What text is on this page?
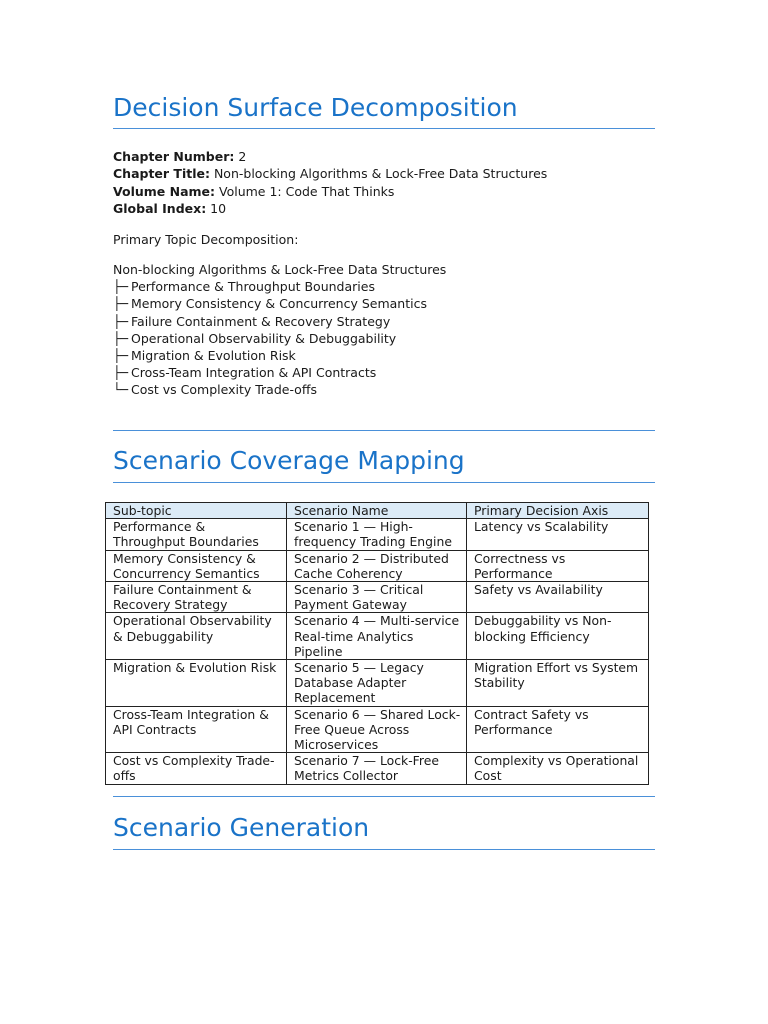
Decision Surface Decomposition
Chapter Number: 2
Chapter Title: Non-blocking Algorithms & Lock-Free Data Structures
Volume Name: Volume 1: Code That Thinks
Global Index: 10
Primary Topic Decomposition:
Non-blocking Algorithms & Lock-Free Data Structures
├─ Performance & Throughput Boundaries
├─ Memory Consistency & Concurrency Semantics
├─ Failure Containment & Recovery Strategy
├─ Operational Observability & Debuggability
├─ Migration & Evolution Risk
├─ Cross-Team Integration & API Contracts
└─ Cost vs Complexity Trade-offs
Scenario Coverage Mapping
Scenario Generation
Sub-topic	Scenario Name	Primary Decision Axis
Performance & Throughput Boundaries	Scenario 1 — High-frequency Trading Engine	Latency vs Scalability
Memory Consistency & Concurrency Semantics	Scenario 2 — Distributed Cache Coherency	Correctness vs Performance
Failure Containment & Recovery Strategy	Scenario 3 — Critical Payment Gateway	Safety vs Availability
Operational Observability & Debuggability	Scenario 4 — Multi-service Real-time Analytics Pipeline	Debuggability vs Non-blocking Efficiency
Migration & Evolution Risk	Scenario 5 — Legacy Database Adapter Replacement	Migration Effort vs System Stability
Cross-Team Integration & API Contracts	Scenario 6 — Shared Lock-Free Queue Across Microservices	Contract Safety vs Performance
Cost vs Complexity Trade-offs	Scenario 7 — Lock-Free Metrics Collector	Complexity vs Operational Cost
